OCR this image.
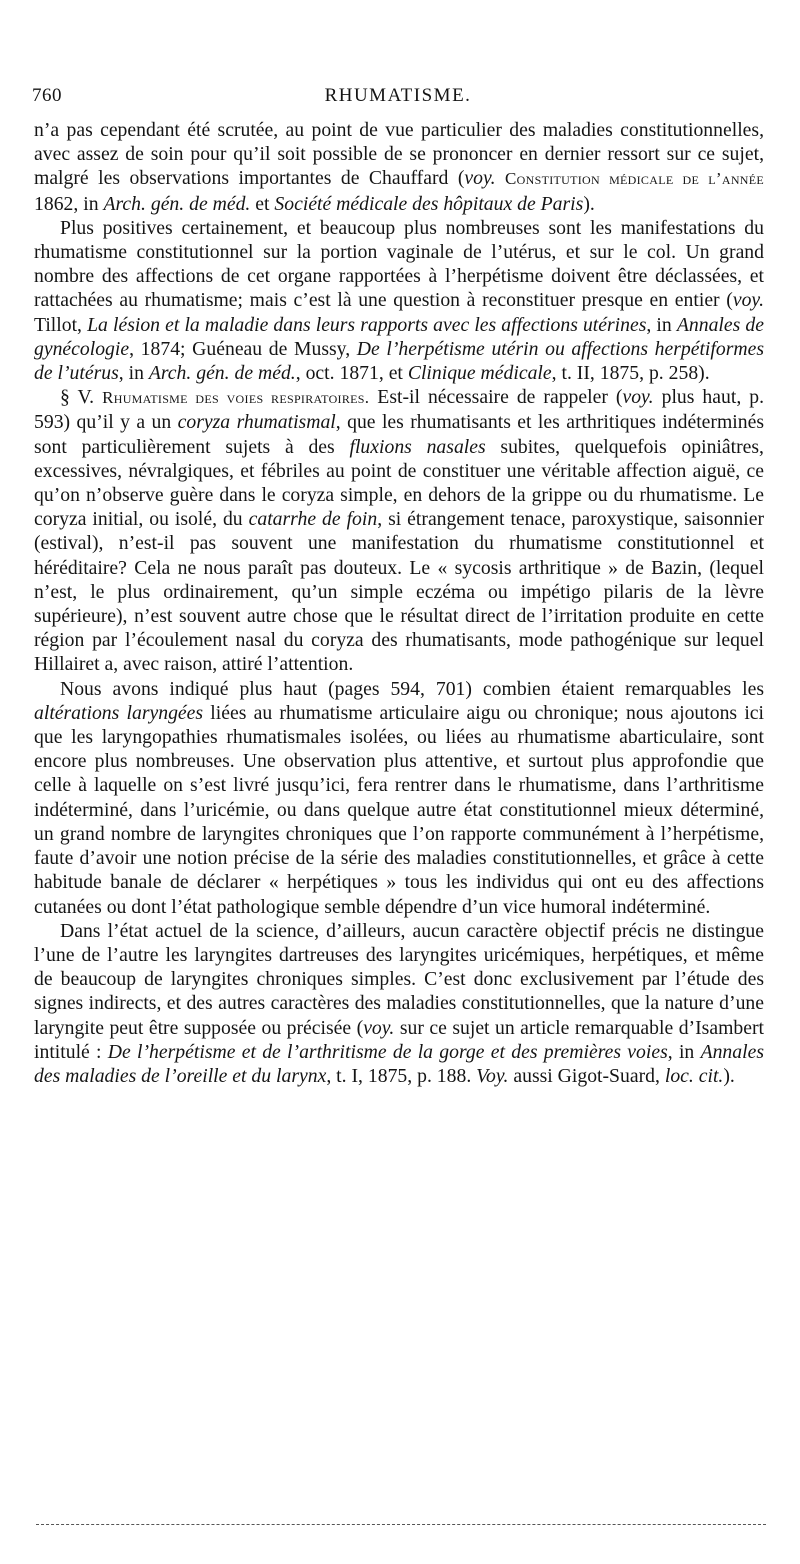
760	RHUMATISME.

n’a pas cependant été scrutée, au point de vue particulier des maladies constitutionnelles, avec assez de soin pour qu’il soit possible de se prononcer en dernier ressort sur ce sujet, malgré les observations importantes de Chauffard (voy. Constitution médicale de l’année 1862, in Arch. gén. de méd. et Société médicale des hôpitaux de Paris).

Plus positives certainement, et beaucoup plus nombreuses sont les manifestations du rhumatisme constitutionnel sur la portion vaginale de l’utérus, et sur le col. Un grand nombre des affections de cet organe rapportées à l’herpétisme doivent être déclassées, et rattachées au rhumatisme; mais c’est là une question à reconstituer presque en entier (voy. Tillot, La lésion et la maladie dans leurs rapports avec les affections utérines, in Annales de gynécologie, 1874; Guéneau de Mussy, De l’herpétisme utérin ou affections herpétiformes de l’utérus, in Arch. gén. de méd., oct. 1871, et Clinique médicale, t. II, 1875, p. 258).

§ V. Rhumatisme des voies respiratoires. Est-il nécessaire de rappeler (voy. plus haut, p. 593) qu’il y a un coryza rhumatismal, que les rhumatisants et les arthritiques indéterminés sont particulièrement sujets à des fluxions nasales subites, quelquefois opiniâtres, excessives, névralgiques, et fébriles au point de constituer une véritable affection aiguë, ce qu’on n’observe guère dans le coryza simple, en dehors de la grippe ou du rhumatisme. Le coryza initial, ou isolé, du catarrhe de foin, si étrangement tenace, paroxystique, saisonnier (estival), n’est-il pas souvent une manifestation du rhumatisme constitutionnel et héréditaire? Cela ne nous paraît pas douteux. Le « sycosis arthritique » de Bazin, (lequel n’est, le plus ordinairement, qu’un simple eczéma ou impétigo pilaris de la lèvre supérieure), n’est souvent autre chose que le résultat direct de l’irritation produite en cette région par l’écoulement nasal du coryza des rhumatisants, mode pathogénique sur lequel Hillairet a, avec raison, attiré l’attention.

Nous avons indiqué plus haut (pages 594, 701) combien étaient remarquables les altérations laryngées liées au rhumatisme articulaire aigu ou chronique; nous ajoutons ici que les laryngopathies rhumatismales isolées, ou liées au rhumatisme abarticulaire, sont encore plus nombreuses. Une observation plus attentive, et surtout plus approfondie que celle à laquelle on s’est livré jusqu’ici, fera rentrer dans le rhumatisme, dans l’arthritisme indéterminé, dans l’uricémie, ou dans quelque autre état constitutionnel mieux déterminé, un grand nombre de laryngites chroniques que l’on rapporte communément à l’herpétisme, faute d’avoir une notion précise de la série des maladies constitutionnelles, et grâce à cette habitude banale de déclarer « herpétiques » tous les individus qui ont eu des affections cutanées ou dont l’état pathologique semble dépendre d’un vice humoral indéterminé.

Dans l’état actuel de la science, d’ailleurs, aucun caractère objectif précis ne distingue l’une de l’autre les laryngites dartreuses des laryngites uricémiques, herpétiques, et même de beaucoup de laryngites chroniques simples. C’est donc exclusivement par l’étude des signes indirects, et des autres caractères des maladies constitutionnelles, que la nature d’une laryngite peut être supposée ou précisée (voy. sur ce sujet un article remarquable d’Isambert intitulé : De l’herpétisme et de l’arthritisme de la gorge et des premières voies, in Annales des maladies de l’oreille et du larynx, t. I, 1875, p. 188. Voy. aussi Gigot-Suard, loc. cit.).
